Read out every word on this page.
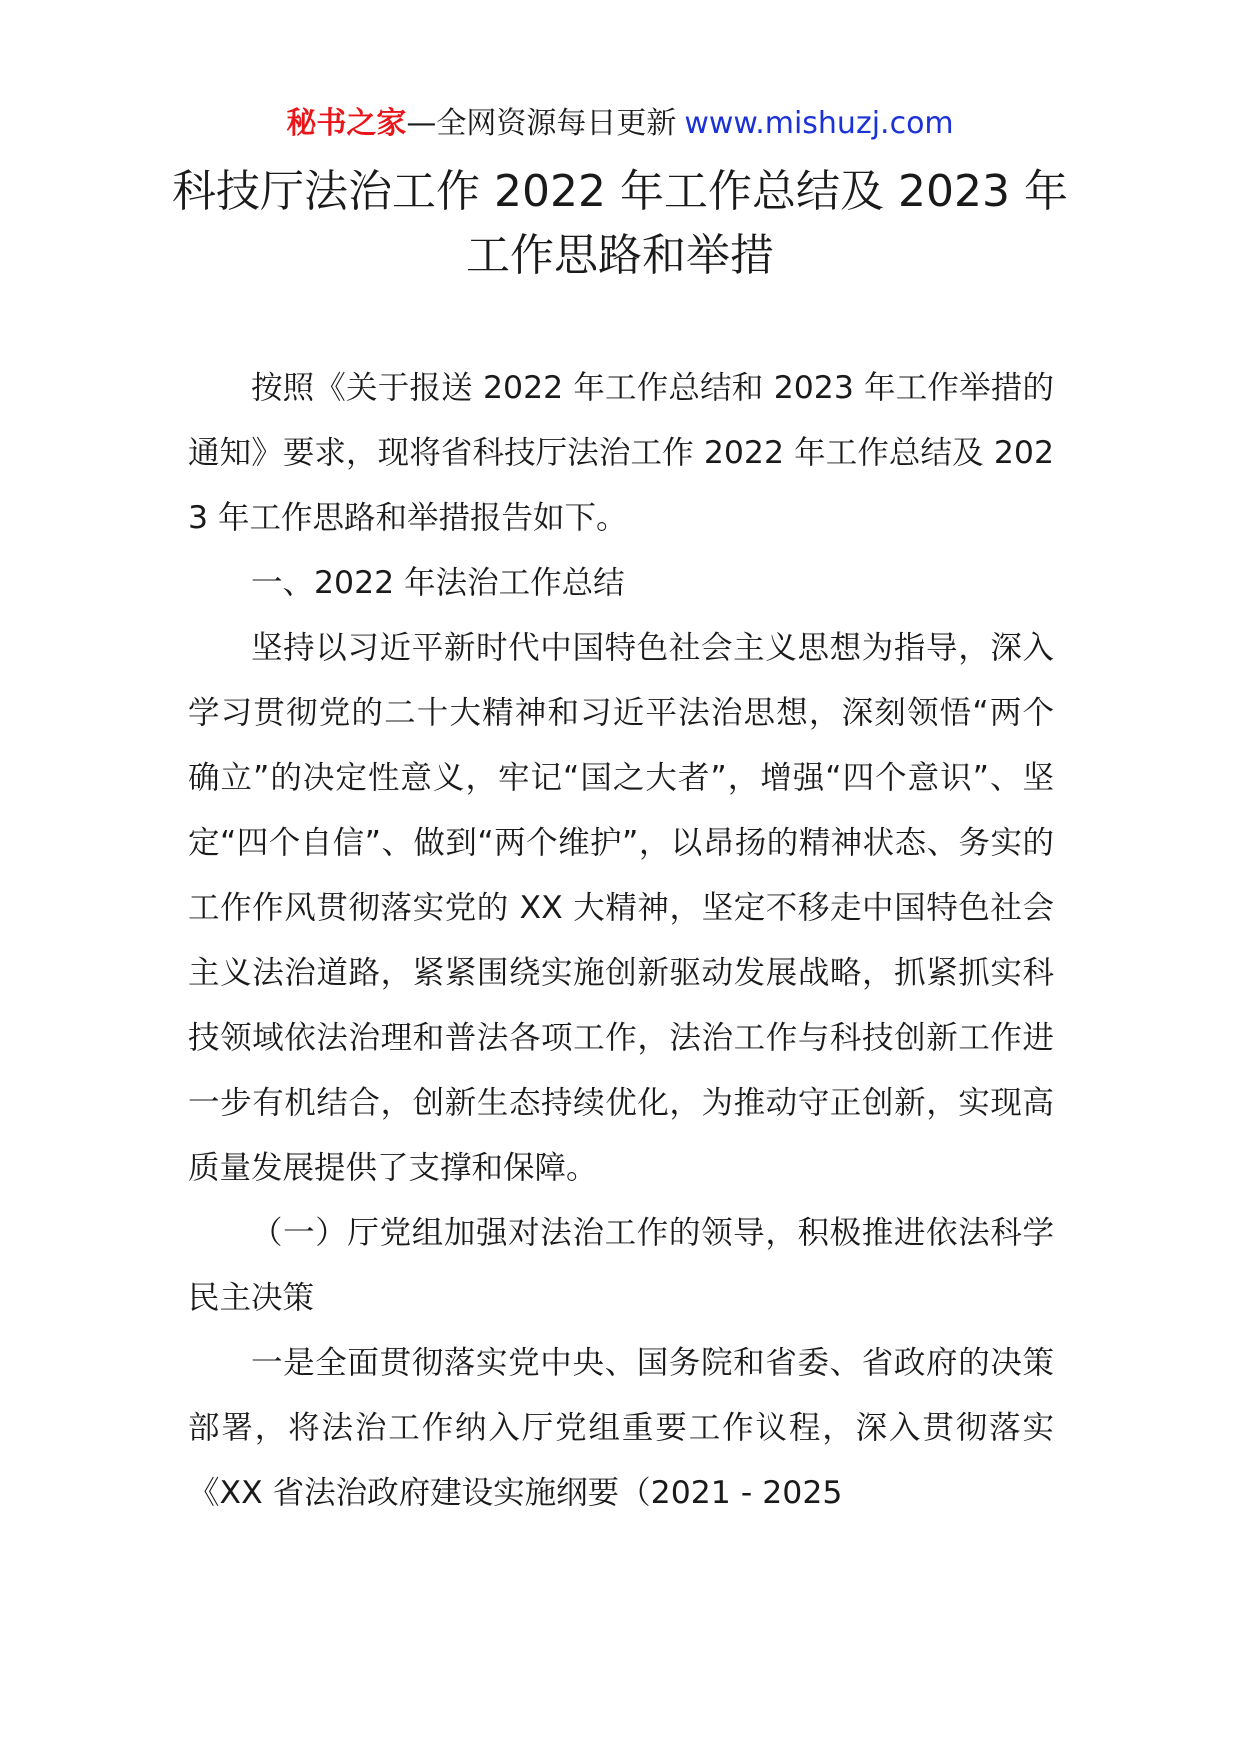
秘书之家—全网资源每日更新 www.mishuzj.com
科技厅法治工作 2022 年工作总结及 2023 年
工作思路和举措

按照《关于报送 2022 年工作总结和 2023 年工作举措的通知》要求，现将省科技厅法治工作 2022 年工作总结及 2023 年工作思路和举措报告如下。

一、2022 年法治工作总结

坚持以习近平新时代中国特色社会主义思想为指导，深入学习贯彻党的二十大精神和习近平法治思想，深刻领悟“两个确立”的决定性意义，牢记“国之大者”，增强“四个意识”、坚定“四个自信”、做到“两个维护”，以昂扬的精神状态、务实的工作作风贯彻落实党的 XX 大精神，坚定不移走中国特色社会主义法治道路，紧紧围绕实施创新驱动发展战略，抓紧抓实科技领域依法治理和普法各项工作，法治工作与科技创新工作进一步有机结合，创新生态持续优化，为推动守正创新，实现高质量发展提供了支撑和保障。

（一）厅党组加强对法治工作的领导，积极推进依法科学民主决策

一是全面贯彻落实党中央、国务院和省委、省政府的决策部署，将法治工作纳入厅党组重要工作议程，深入贯彻落实《XX 省法治政府建设实施纲要（2021 - 2025
